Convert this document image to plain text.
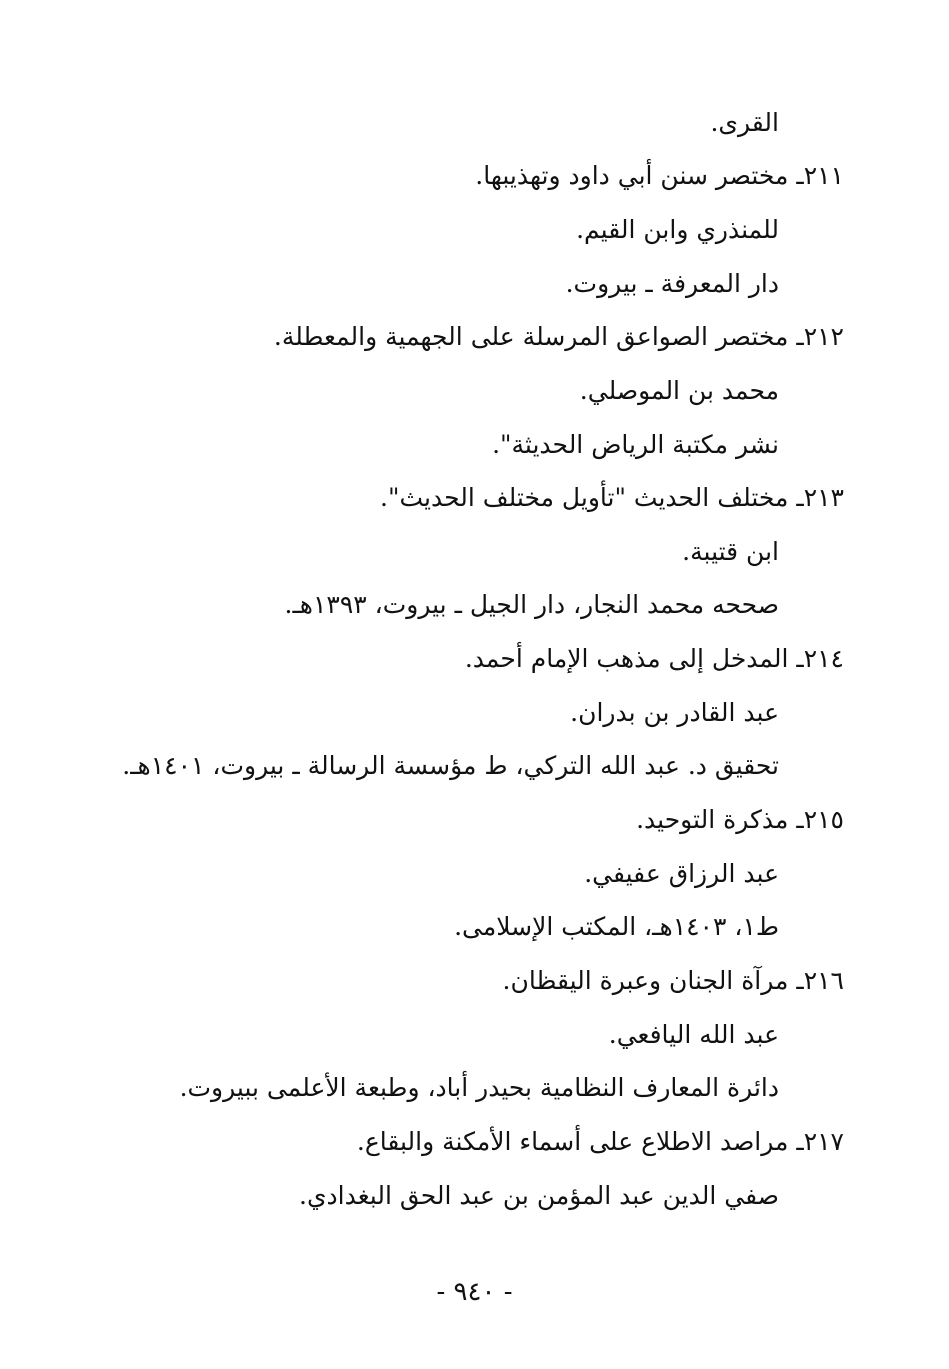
القرى.
٢١١ـ مختصر سنن أبي داود وتهذيبها.
للمنذري وابن القيم.
دار المعرفة ـ بيروت.
٢١٢ـ مختصر الصواعق المرسلة على الجهمية والمعطلة.
محمد بن الموصلي.
نشر مكتبة الرياض الحديثة".
٢١٣ـ مختلف الحديث "تأويل مختلف الحديث".
ابن قتيبة.
صححه محمد النجار، دار الجيل ـ بيروت، ١٣٩٣هـ.
٢١٤ـ المدخل إلى مذهب الإمام أحمد.
عبد القادر بن بدران.
تحقيق د. عبد الله التركي، ط مؤسسة الرسالة ـ بيروت، ١٤٠١هـ.
٢١٥ـ مذكرة التوحيد.
عبد الرزاق عفيفي.
ط١، ١٤٠٣هـ، المكتب الإسلامى.
٢١٦ـ مرآة الجنان وعبرة اليقظان.
عبد الله اليافعي.
دائرة المعارف النظامية بحيدر أباد، وطبعة الأعلمى ببيروت.
٢١٧ـ مراصد الاطلاع على أسماء الأمكنة والبقاع.
صفي الدين عبد المؤمن بن عبد الحق البغدادي.
- ٩٤٠ -
